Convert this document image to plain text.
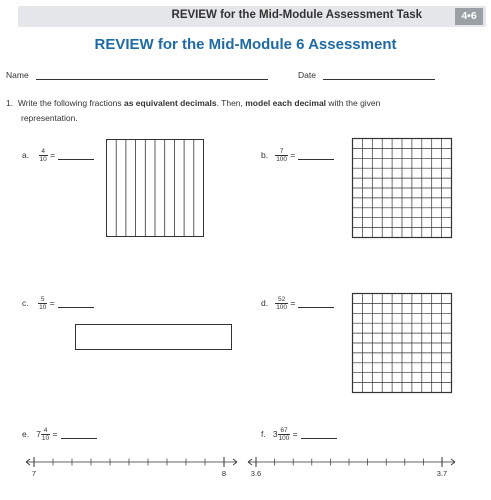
REVIEW for the Mid-Module Assessment Task	4•6
REVIEW for the Mid-Module 6 Assessment
Name	Date
1. Write the following fractions as equivalent decimals. Then, model each decimal with the given
representation.
a. $\frac{4}{10}$ =	b. $\frac{7}{100}$ =
c. $\frac{5}{10}$ =	d. $\frac{52}{100}$ =
e. $7 \frac{4}{10}$ =
7	8
f. $3 \frac{67}{100}$ =
3.6	3.7
